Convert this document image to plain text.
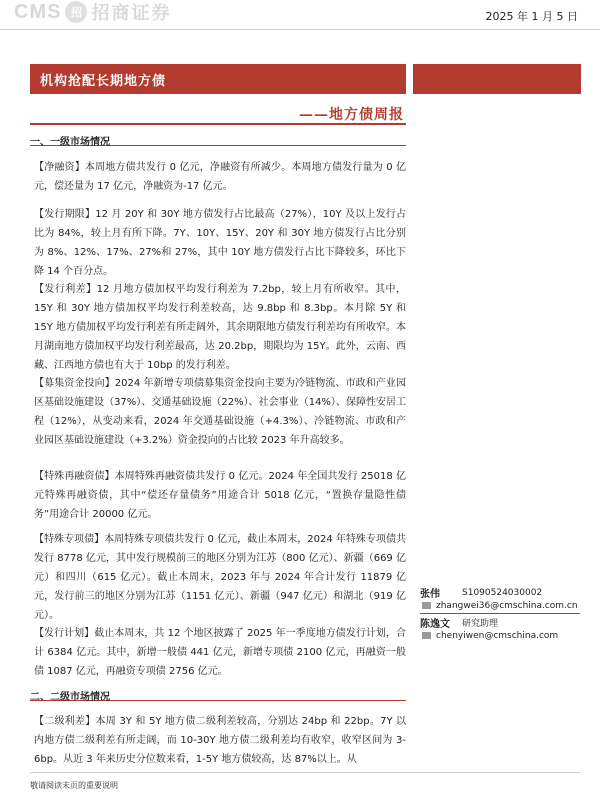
CMS 招 招商证券	2025 年 1 月 5 日
机构抢配长期地方债
——地方债周报
一、一级市场情况
【净融资】本周地方债共发行 0 亿元，净融资有所减少。本周地方债发行量为 0 亿元，偿还量为 17 亿元，净融资为-17 亿元。
【发行期限】12 月 20Y 和 30Y 地方债发行占比最高（27%），10Y 及以上发行占比为 84%，较上月有所下降。7Y、10Y、15Y、20Y 和 30Y 地方债发行占比分别为 8%、12%、17%、27%和 27%，其中 10Y 地方债发行占比下降较多，环比下降 14 个百分点。
【发行利差】12 月地方债加权平均发行利差为 7.2bp，较上月有所收窄。其中，15Y 和 30Y 地方债加权平均发行利差较高，达 9.8bp 和 8.3bp。本月除 5Y 和 15Y 地方债加权平均发行利差有所走阔外，其余期限地方债发行利差均有所收窄。本月湖南地方债加权平均发行利差最高，达 20.2bp，期限均为 15Y。此外，云南、西藏、江西地方债也有大于 10bp 的发行利差。
【募集资金投向】2024 年新增专项债募集资金投向主要为冷链物流、市政和产业园区基础设施建设（37%）、交通基础设施（22%）、社会事业（14%）、保障性安居工程（12%），从变动来看，2024 年交通基础设施（+4.3%）、冷链物流、市政和产业园区基础设施建设（+3.2%）资金投向的占比较 2023 年升高较多。
【特殊再融资债】本周特殊再融资债共发行 0 亿元。2024 年全国共发行 25018 亿元特殊再融资债，其中“偿还存量债务”用途合计 5018 亿元，“置换存量隐性债务”用途合计 20000 亿元。
【特殊专项债】本周特殊专项债共发行 0 亿元，截止本周末，2024 年特殊专项债共发行 8778 亿元，其中发行规模前三的地区分别为江苏（800 亿元）、新疆（669 亿元）和四川（615 亿元）。截止本周末，2023 年与 2024 年合计发行 11879 亿元，发行前三的地区分别为江苏（1151 亿元）、新疆（947 亿元）和湖北（919 亿元）。
【发行计划】截止本周末，共 12 个地区披露了 2025 年一季度地方债发行计划，合计 6384 亿元。其中，新增一般债 441 亿元，新增专项债 2100 亿元，再融资一般债 1087 亿元，再融资专项债 2756 亿元。
二、二级市场情况
【二级利差】本周 3Y 和 5Y 地方债二级利差较高，分别达 24bp 和 22bp。7Y 以内地方债二级利差有所走阔，而 10-30Y 地方债二级利差均有收窄，收窄区间为 3-6bp。从近 3 年来历史分位数来看，1-5Y 地方债较高，达 87%以上。从
张伟	S1090524030002
zhangwei36@cmschina.com.cn
陈逸文	研究助理
chenyiwen@cmschina.com
敬请阅读末页的重要说明
